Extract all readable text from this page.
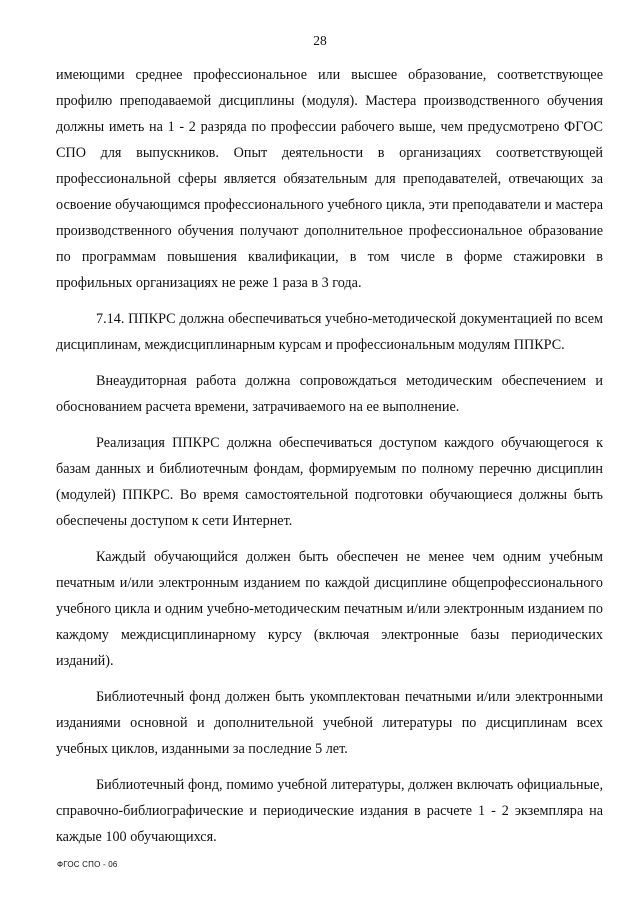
28

имеющими среднее профессиональное или высшее образование, соответствующее профилю преподаваемой дисциплины (модуля). Мастера производственного обучения должны иметь на 1 - 2 разряда по профессии рабочего выше, чем предусмотрено ФГОС СПО для выпускников. Опыт деятельности в организациях соответствующей профессиональной сферы является обязательным для преподавателей, отвечающих за освоение обучающимся профессионального учебного цикла, эти преподаватели и мастера производственного обучения получают дополнительное профессиональное образование по программам повышения квалификации, в том числе в форме стажировки в профильных организациях не реже 1 раза в 3 года.

7.14. ППКРС должна обеспечиваться учебно-методической документацией по всем дисциплинам, междисциплинарным курсам и профессиональным модулям ППКРС.

Внеаудиторная работа должна сопровождаться методическим обеспечением и обоснованием расчета времени, затрачиваемого на ее выполнение.

Реализация ППКРС должна обеспечиваться доступом каждого обучающегося к базам данных и библиотечным фондам, формируемым по полному перечню дисциплин (модулей) ППКРС. Во время самостоятельной подготовки обучающиеся должны быть обеспечены доступом к сети Интернет.

Каждый обучающийся должен быть обеспечен не менее чем одним учебным печатным и/или электронным изданием по каждой дисциплине общепрофессионального учебного цикла и одним учебно-методическим печатным и/или электронным изданием по каждому междисциплинарному курсу (включая электронные базы периодических изданий).

Библиотечный фонд должен быть укомплектован печатными и/или электронными изданиями основной и дополнительной учебной литературы по дисциплинам всех учебных циклов, изданными за последние 5 лет.

Библиотечный фонд, помимо учебной литературы, должен включать официальные, справочно-библиографические и периодические издания в расчете 1 - 2 экземпляра на каждые 100 обучающихся.

ФГОС СПО - 06
